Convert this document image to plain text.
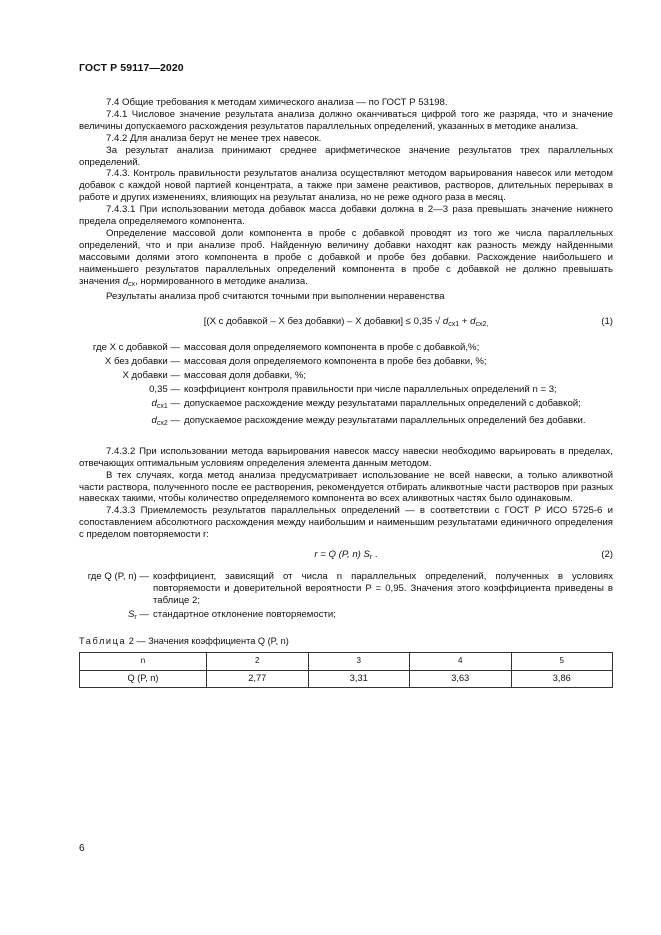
ГОСТ Р 59117—2020

7.4 Общие требования к методам химического анализа — по ГОСТ Р 53198.

7.4.1 Числовое значение результата анализа должно оканчиваться цифрой того же разряда, что и значение величины допускаемого расхождения результатов параллельных определений, указанных в методике анализа.

7.4.2 Для анализа берут не менее трех навесок.

За результат анализа принимают среднее арифметическое значение результатов трех параллельных определений.

7.4.3. Контроль правильности результатов анализа осуществляют методом варьирования навесок или методом добавок с каждой новой партией концентрата, а также при замене реактивов, растворов, длительных перерывах в работе и других изменениях, влияющих на результат анализа, но не реже одного раза в месяц.

7.4.3.1 При использовании метода добавок масса добавки должна в 2—3 раза превышать значение нижнего предела определяемого компонента.

Определение массовой доли компонента в пробе с добавкой проводят из того же числа параллельных определений, что и при анализе проб. Найденную величину добавки находят как разность между найденными массовыми долями этого компонента в пробе с добавкой и пробе без добавки. Расхождение наибольшего и наименьшего результатов параллельных определений компонента в пробе с добавкой не должно превышать значения $d_{сх}$, нормированного в методике анализа.

Результаты анализа проб считаются точными при выполнении неравенства

[(X с добавкой – X без добавки) – X добавки] ≤ 0,35 √ $d_{сх1} + d_{сх2,}$	(1)
где X с добавкой —	массовая доля определяемого компонента в пробе с добавкой,%;
X без добавки —	массовая доля определяемого компонента в пробе без добавки, %;
X добавки —	массовая доля добавки, %;
0,35 —	коэффициент контроля правильности при числе параллельных определений n = 3;
$d_{сх1}$ —	допускаемое расхождение между результатами параллельных определений с добавкой;
$d_{сх2}$ —	допускаемое расхождение между результатами параллельных определений без добавки.

7.4.3.2 При использовании метода варьирования навесок массу навески необходимо варьировать в пределах, отвечающих оптимальным условиям определения элемента данным методом.

В тех случаях, когда метод анализа предусматривает использование не всей навески, а только аликвотной части раствора, полученного после ее растворения, рекомендуется отбирать аликвотные части растворов при разных навесках такими, чтобы количество определяемого компонента во всех аликвотных частях было одинаковым.

7.4.3.3 Приемлемость результатов параллельных определений — в соответствии с ГОСТ Р ИСО 5725-6 и сопоставлением абсолютного расхождения между наибольшим и наименьшим результатами единичного определения с пределом повторяемости r:

r = Q (P, n) $S_r$ .	(2)
где Q (P, n) —	коэффициент, зависящий от числа n параллельных определений, полученных в условиях повторяемости и доверительной вероятности P = 0,95. Значения этого коэффициента приведены в таблице 2;
$S_r$ —	стандартное отклонение повторяемости;
Таблица 2 — Значения коэффициента Q (P, n)
n	2	3	4	5
Q (P, n)	2,77	3,31	3,63	3,86
6
